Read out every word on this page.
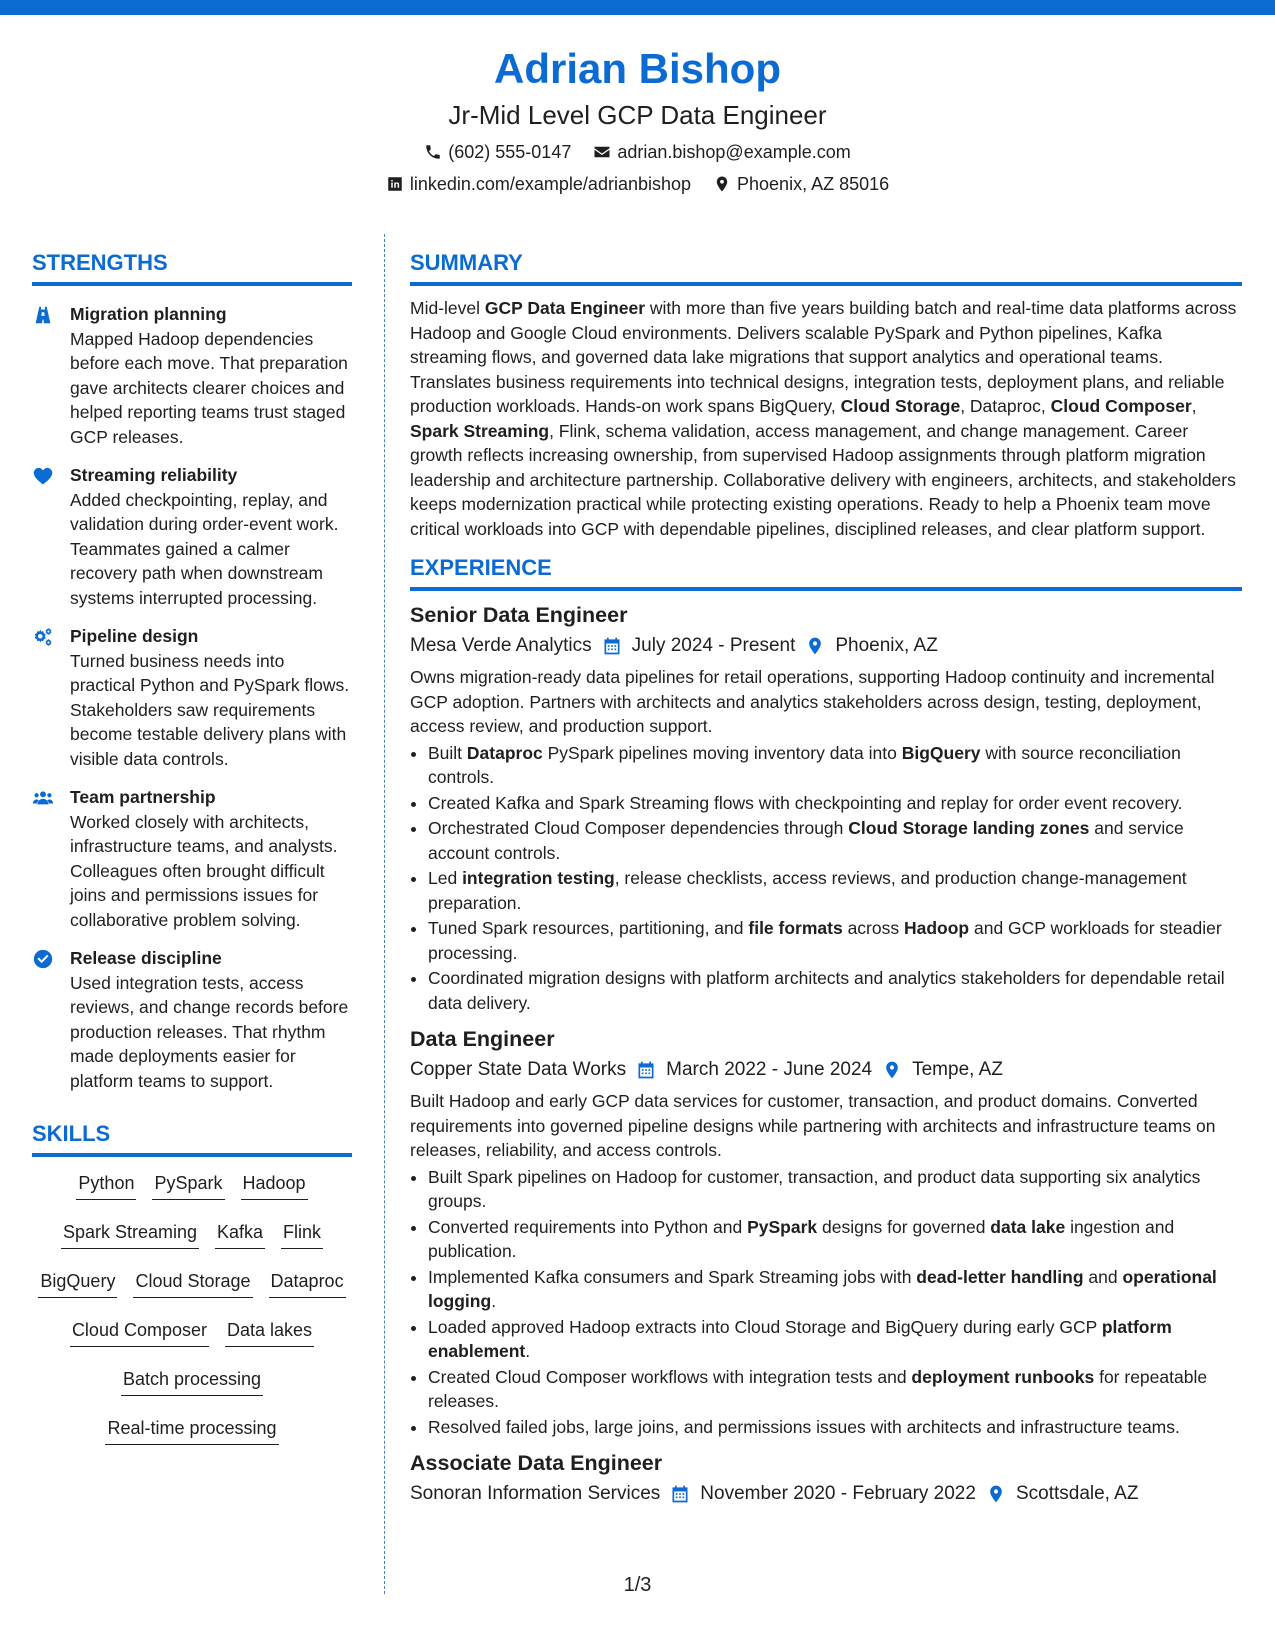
Adrian Bishop

Jr-Mid Level GCP Data Engineer

(602) 555-0147	adrian.bishop@example.com
linkedin.com/example/adrianbishop	Phoenix, AZ 85016
STRENGTHS
Migration planning
Mapped Hadoop dependencies before each move. That preparation gave architects clearer choices and helped reporting teams trust staged GCP releases.
Streaming reliability
Added checkpointing, replay, and validation during order-event work. Teammates gained a calmer recovery path when downstream systems interrupted processing.
Pipeline design
Turned business needs into practical Python and PySpark flows. Stakeholders saw requirements become testable delivery plans with visible data controls.
Team partnership
Worked closely with architects, infrastructure teams, and analysts. Colleagues often brought difficult joins and permissions issues for collaborative problem solving.
Release discipline
Used integration tests, access reviews, and change records before production releases. That rhythm made deployments easier for platform teams to support.
SKILLS
Python PySpark Hadoop
Spark Streaming Kafka Flink
BigQuery Cloud Storage Dataproc
Cloud Composer Data lakes
Batch processing
Real-time processing
SUMMARY
Mid-level GCP Data Engineer with more than five years building batch and real-time data platforms across Hadoop and Google Cloud environments. Delivers scalable PySpark and Python pipelines, Kafka streaming flows, and governed data lake migrations that support analytics and operational teams. Translates business requirements into technical designs, integration tests, deployment plans, and reliable production workloads. Hands-on work spans BigQuery, Cloud Storage, Dataproc, Cloud Composer, Spark Streaming, Flink, schema validation, access management, and change management. Career growth reflects increasing ownership, from supervised Hadoop assignments through platform migration leadership and architecture partnership. Collaborative delivery with engineers, architects, and stakeholders keeps modernization practical while protecting existing operations. Ready to help a Phoenix team move critical workloads into GCP with dependable pipelines, disciplined releases, and clear platform support.
EXPERIENCE
Senior Data Engineer
Mesa Verde Analytics July 2024 - Present Phoenix, AZ
Owns migration-ready data pipelines for retail operations, supporting Hadoop continuity and incremental GCP adoption. Partners with architects and analytics stakeholders across design, testing, deployment, access review, and production support.
• Built Dataproc PySpark pipelines moving inventory data into BigQuery with source reconciliation controls.
• Created Kafka and Spark Streaming flows with checkpointing and replay for order event recovery.
• Orchestrated Cloud Composer dependencies through Cloud Storage landing zones and service account controls.
• Led integration testing, release checklists, access reviews, and production change-management preparation.
• Tuned Spark resources, partitioning, and file formats across Hadoop and GCP workloads for steadier processing.
• Coordinated migration designs with platform architects and analytics stakeholders for dependable retail data delivery.
Data Engineer
Copper State Data Works March 2022 - June 2024 Tempe, AZ
Built Hadoop and early GCP data services for customer, transaction, and product domains. Converted requirements into governed pipeline designs while partnering with architects and infrastructure teams on releases, reliability, and access controls.
• Built Spark pipelines on Hadoop for customer, transaction, and product data supporting six analytics groups.
• Converted requirements into Python and PySpark designs for governed data lake ingestion and publication.
• Implemented Kafka consumers and Spark Streaming jobs with dead-letter handling and operational logging.
• Loaded approved Hadoop extracts into Cloud Storage and BigQuery during early GCP platform enablement.
• Created Cloud Composer workflows with integration tests and deployment runbooks for repeatable releases.
• Resolved failed jobs, large joins, and permissions issues with architects and infrastructure teams.
Associate Data Engineer
Sonoran Information Services November 2020 - February 2022 Scottsdale, AZ
1/3
